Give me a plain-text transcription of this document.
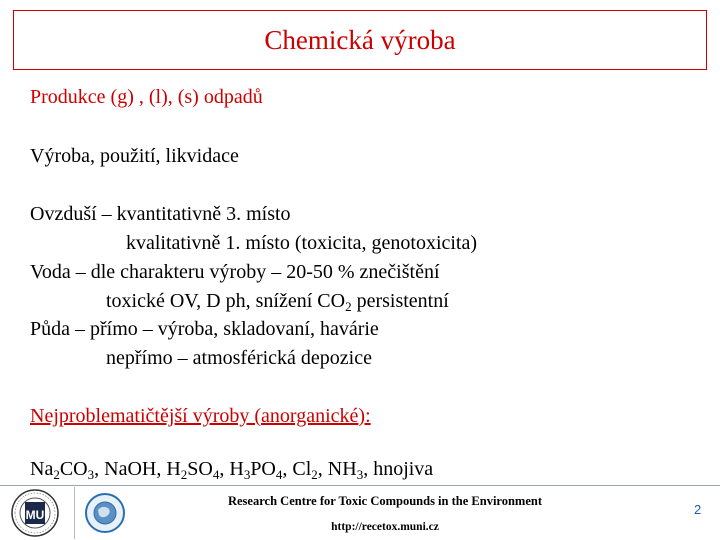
Chemická výroba
Produkce (g) , (l), (s) odpadů
Výroba, použití, likvidace
Ovzduší – kvantitativně 3. místo
kvalitativně 1. místo (toxicita, genotoxicita)
Voda – dle charakteru výroby – 20-50 % znečištění
toxické OV, D ph, snížení $CO_2$ persistentní
Půda – přímo – výroba, skladovaní, havárie
nepřímo – atmosférická depozice
Nejproblematičtější výroby (anorganické):
$Na_2CO_3$, NaOH, $H_2SO_4$, $H_3PO_4$, $Cl_2$, $NH_3$, hnojiva
MU
Research Centre for Toxic Compounds in the Environment
http://recetox.muni.cz
2
